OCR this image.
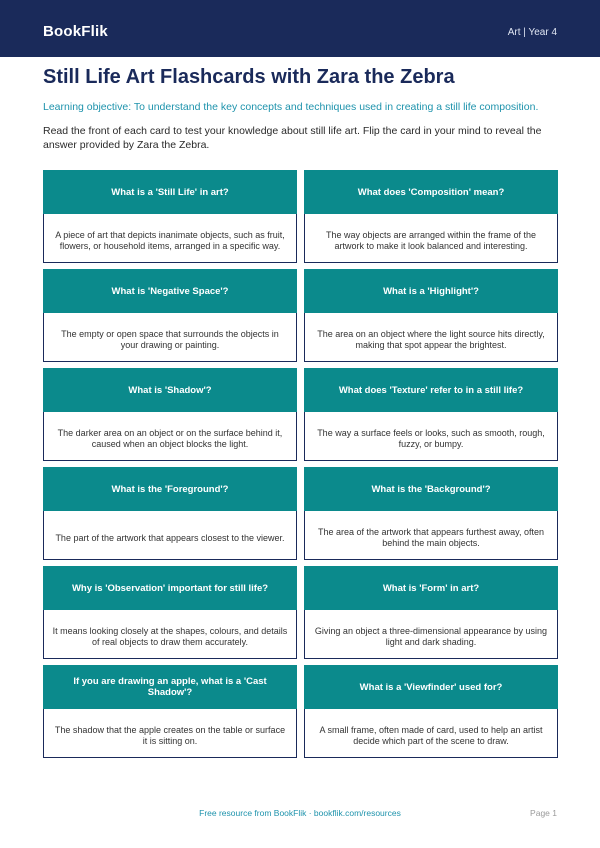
BookFlik	Art | Year 4
Still Life Art Flashcards with Zara the Zebra

Learning objective: To understand the key concepts and techniques used in creating a still life composition.

Read the front of each card to test your knowledge about still life art. Flip the card in your mind to reveal the answer provided by Zara the Zebra.

What is a 'Still Life' in art?
A piece of art that depicts inanimate objects, such as fruit, flowers, or household items, arranged in a specific way.
What does 'Composition' mean?
The way objects are arranged within the frame of the artwork to make it look balanced and interesting.
What is 'Negative Space'?
The empty or open space that surrounds the objects in your drawing or painting.
What is a 'Highlight'?
The area on an object where the light source hits directly, making that spot appear the brightest.
What is 'Shadow'?
The darker area on an object or on the surface behind it, caused when an object blocks the light.
What does 'Texture' refer to in a still life?
The way a surface feels or looks, such as smooth, rough, fuzzy, or bumpy.
What is the 'Foreground'?
The part of the artwork that appears closest to the viewer.
What is the 'Background'?
The area of the artwork that appears furthest away, often behind the main objects.
Why is 'Observation' important for still life?
It means looking closely at the shapes, colours, and details of real objects to draw them accurately.
What is 'Form' in art?
Giving an object a three-dimensional appearance by using light and dark shading.
If you are drawing an apple, what is a 'Cast Shadow'?
The shadow that the apple creates on the table or surface it is sitting on.
What is a 'Viewfinder' used for?
A small frame, often made of card, used to help an artist decide which part of the scene to draw.
Free resource from BookFlik · bookflik.com/resources	Page 1
